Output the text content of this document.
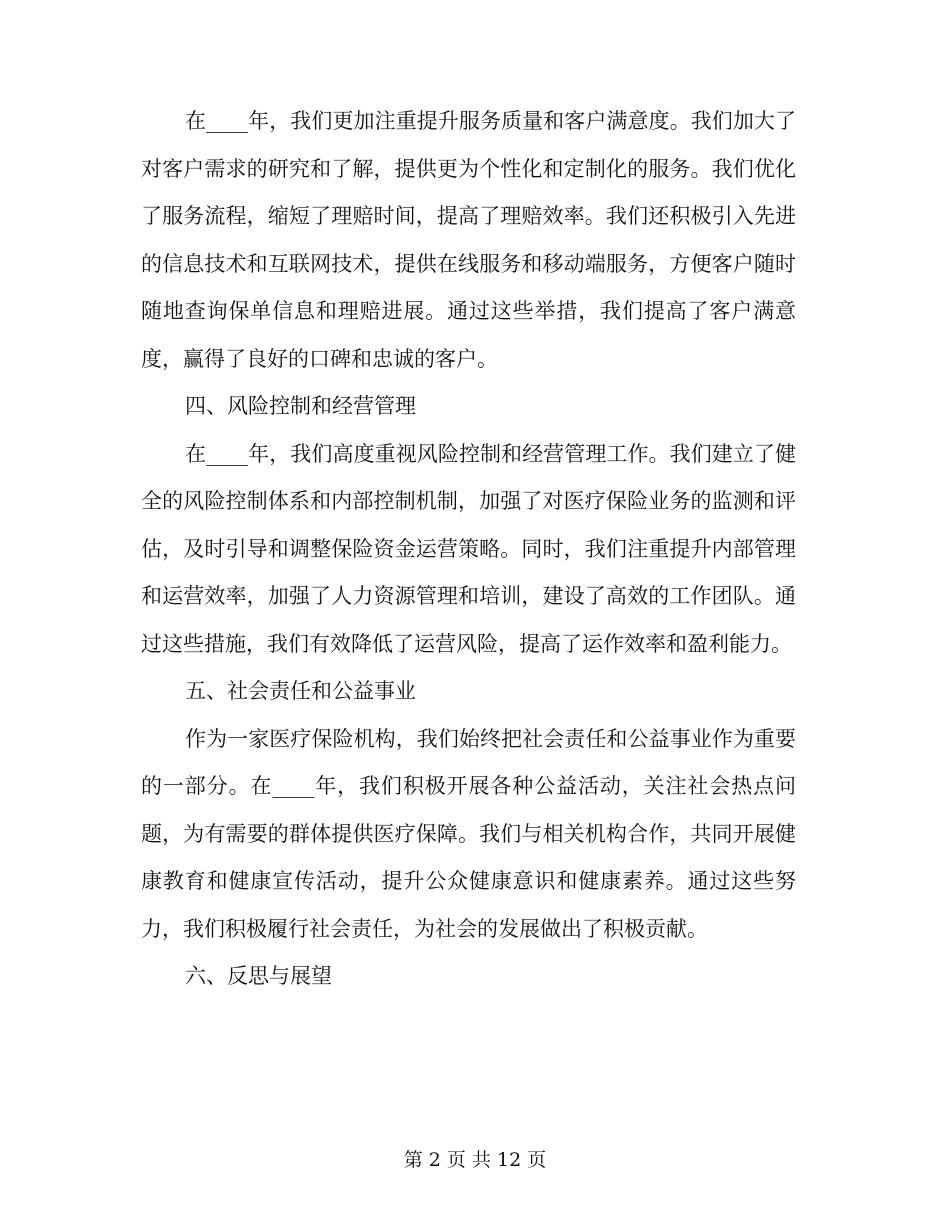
在____年，我们更加注重提升服务质量和客户满意度。我们加大了对客户需求的研究和了解，提供更为个性化和定制化的服务。我们优化了服务流程，缩短了理赔时间，提高了理赔效率。我们还积极引入先进的信息技术和互联网技术，提供在线服务和移动端服务，方便客户随时随地查询保单信息和理赔进展。通过这些举措，我们提高了客户满意度，赢得了良好的口碑和忠诚的客户。

四、风险控制和经营管理

在____年，我们高度重视风险控制和经营管理工作。我们建立了健全的风险控制体系和内部控制机制，加强了对医疗保险业务的监测和评估，及时引导和调整保险资金运营策略。同时，我们注重提升内部管理和运营效率，加强了人力资源管理和培训，建设了高效的工作团队。通过这些措施，我们有效降低了运营风险，提高了运作效率和盈利能力。

五、社会责任和公益事业

作为一家医疗保险机构，我们始终把社会责任和公益事业作为重要的一部分。在____年，我们积极开展各种公益活动，关注社会热点问题，为有需要的群体提供医疗保障。我们与相关机构合作，共同开展健康教育和健康宣传活动，提升公众健康意识和健康素养。通过这些努力，我们积极履行社会责任，为社会的发展做出了积极贡献。

六、反思与展望

第 2 页 共 12 页
